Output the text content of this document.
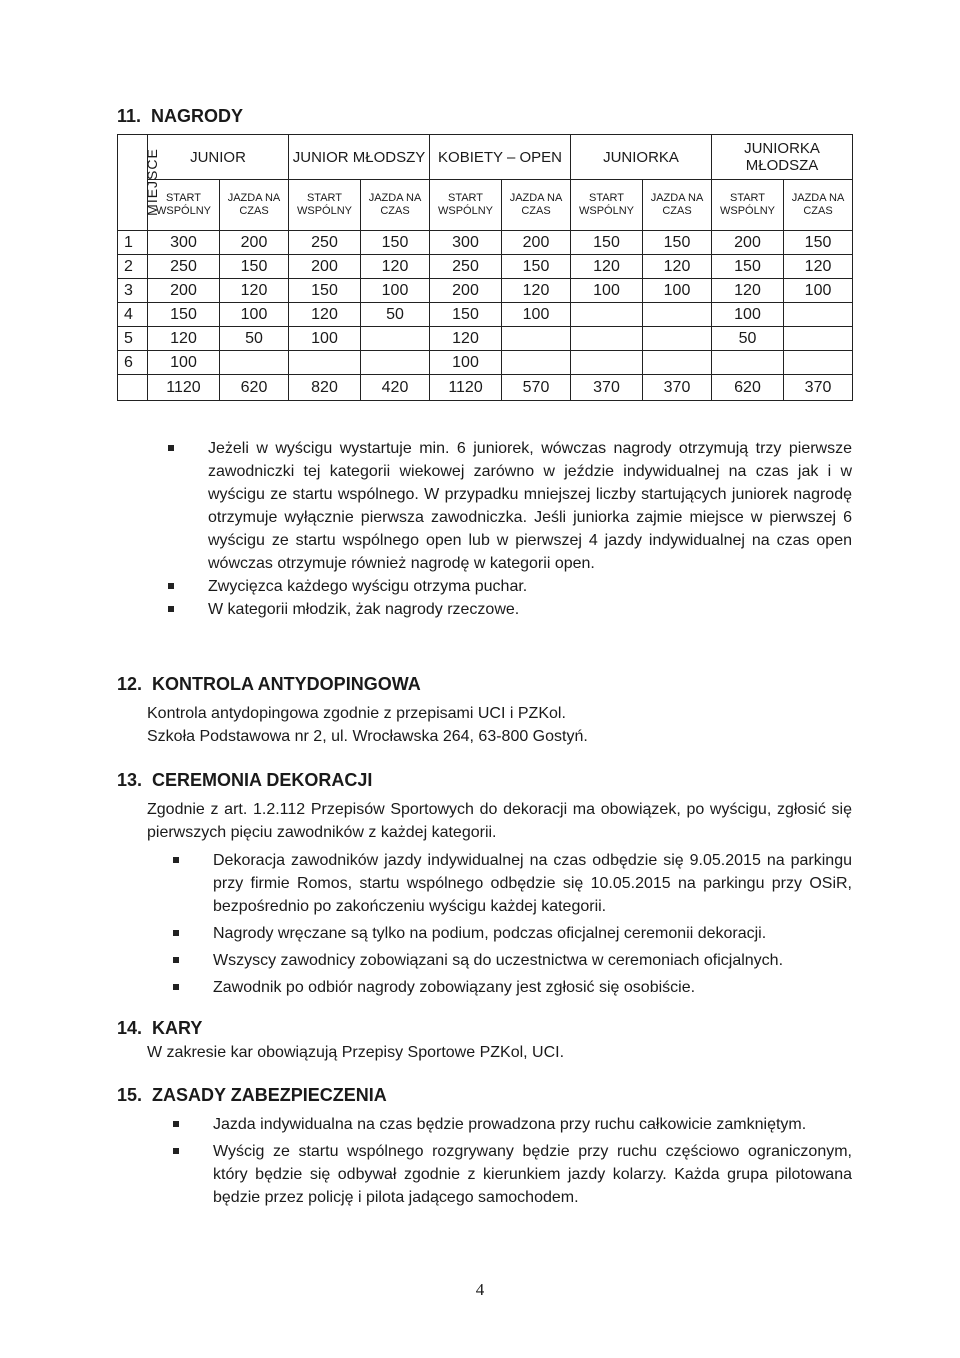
11. NAGRODY
MIEJSCE	JUNIOR		JUNIOR MŁODSZY		KOBIETY – OPEN		JUNIORKA		JUNIORKA MŁODSZA	
	START WSPÓLNY	JAZDA NA CZAS	START WSPÓLNY	JAZDA NA CZAS	START WSPÓLNY	JAZDA NA CZAS	START WSPÓLNY	JAZDA NA CZAS	START WSPÓLNY	JAZDA NA CZAS
1	300	200	250	150	300	200	150	150	200	150
2	250	150	200	120	250	150	120	120	150	120
3	200	120	150	100	200	120	100	100	120	100
4	150	100	120	50	150	100			100	
5	120	50	100		120				50	
6	100				100					
	1120	620	820	420	1120	570	370	370	620	370
Jeżeli w wyścigu wystartuje min. 6 juniorek, wówczas nagrody otrzymują trzy pierwsze zawodniczki tej kategorii wiekowej zarówno w jeździe indywidualnej na czas jak i w wyścigu ze startu wspólnego. W przypadku mniejszej liczby startujących juniorek nagrodę otrzymuje wyłącznie pierwsza zawodniczka. Jeśli juniorka zajmie miejsce w pierwszej 6 wyścigu ze startu wspólnego open lub w pierwszej 4 jazdy indywidualnej na czas open wówczas otrzymuje również nagrodę w kategorii open.
Zwycięzca każdego wyścigu otrzyma puchar.
W kategorii młodzik, żak nagrody rzeczowe.
12. KONTROLA ANTYDOPINGOWA
Kontrola antydopingowa zgodnie z przepisami UCI i PZKol.
Szkoła Podstawowa nr 2, ul. Wrocławska 264, 63-800 Gostyń.
13. CEREMONIA DEKORACJI
Zgodnie z art. 1.2.112 Przepisów Sportowych do dekoracji ma obowiązek, po wyścigu, zgłosić się pierwszych pięciu zawodników z każdej kategorii.
Dekoracja zawodników jazdy indywidualnej na czas odbędzie się 9.05.2015 na parkingu przy firmie Romos, startu wspólnego odbędzie się 10.05.2015 na parkingu przy OSiR, bezpośrednio po zakończeniu wyścigu każdej kategorii.
Nagrody wręczane są tylko na podium, podczas oficjalnej ceremonii dekoracji.
Wszyscy zawodnicy zobowiązani są do uczestnictwa w ceremoniach oficjalnych.
Zawodnik po odbiór nagrody zobowiązany jest zgłosić się osobiście.
14. KARY
W zakresie kar obowiązują Przepisy Sportowe PZKol, UCI.
15. ZASADY ZABEZPIECZENIA
Jazda indywidualna na czas będzie prowadzona przy ruchu całkowicie zamkniętym.
Wyścig ze startu wspólnego rozgrywany będzie przy ruchu częściowo ograniczonym, który będzie się odbywał zgodnie z kierunkiem jazdy kolarzy. Każda grupa pilotowana będzie przez policję i pilota jadącego samochodem.
4
